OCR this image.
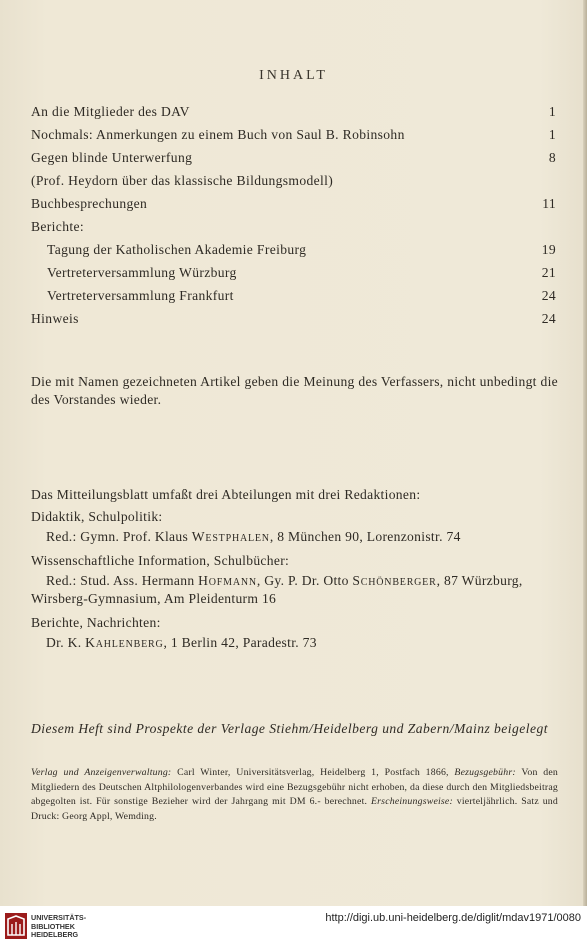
INHALT
An die Mitglieder des DAV	1
Nochmals: Anmerkungen zu einem Buch von Saul B. Robinsohn	1
Gegen blinde Unterwerfung	8
(Prof. Heydorn über das klassische Bildungsmodell)
Buchbesprechungen	11
Berichte:
Tagung der Katholischen Akademie Freiburg	19
Vertreterversammlung Würzburg	21
Vertreterversammlung Frankfurt	24
Hinweis	24
Die mit Namen gezeichneten Artikel geben die Meinung des Verfassers, nicht unbedingt die des Vorstandes wieder.
Das Mitteilungsblatt umfaßt drei Abteilungen mit drei Redaktionen:
Didaktik, Schulpolitik:
Red.: Gymn. Prof. Klaus Westphalen, 8 München 90, Lorenzonistr. 74
Wissenschaftliche Information, Schulbücher:
Red.: Stud. Ass. Hermann Hofmann, Gy. P. Dr. Otto Schönberger, 87 Würzburg,
Wirsberg-Gymnasium, Am Pleidenturm 16
Berichte, Nachrichten:
Dr. K. Kahlenberg, 1 Berlin 42, Paradestr. 73
Diesem Heft sind Prospekte der Verlage Stiehm/Heidelberg und Zabern/Mainz beigelegt
Verlag und Anzeigenverwaltung: Carl Winter, Universitätsverlag, Heidelberg 1, Postfach 1866, Bezugsgebühr: Von den Mitgliedern des Deutschen Altphilologenverbandes wird eine Bezugsgebühr nicht erhoben, da diese durch den Mitgliedsbeitrag abgegolten ist. Für sonstige Bezieher wird der Jahrgang mit DM 6.- berechnet. Erscheinungsweise: vierteljährlich. Satz und Druck: Georg Appl, Wemding.
UNIVERSITÄTS-
BIBLIOTHEK
HEIDELBERG
http://digi.ub.uni-heidelberg.de/diglit/mdav1971/0080
